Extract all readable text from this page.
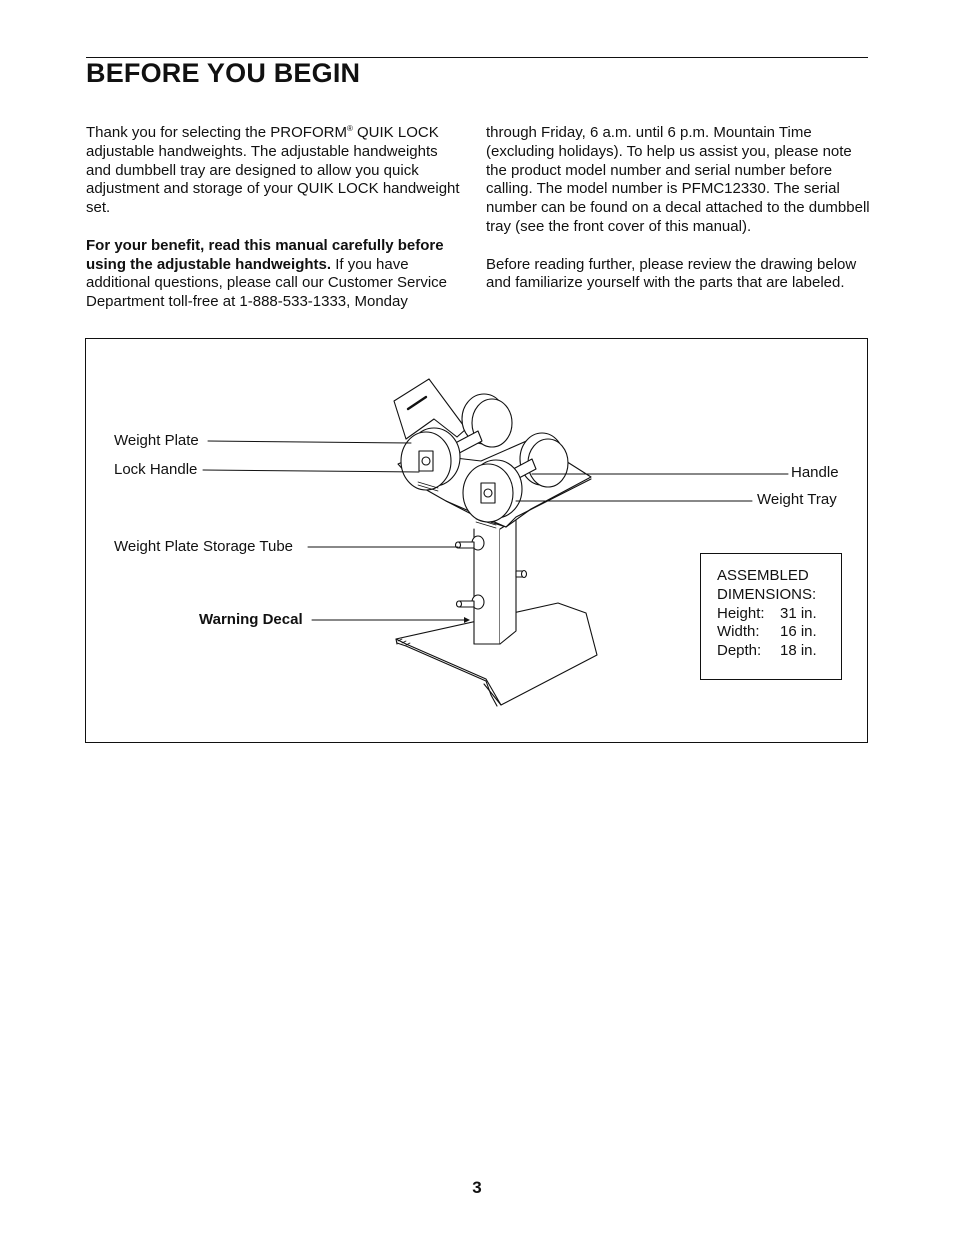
BEFORE YOU BEGIN

Thank you for selecting the PROFORM® QUIK LOCK adjustable handweights. The adjustable handweights and dumbbell tray are designed to allow you quick adjustment and storage of your QUIK LOCK handweight set.

For your benefit, read this manual carefully before using the adjustable handweights. If you have additional questions, please call our Customer Service Department toll-free at 1-888-533-1333, Monday

through Friday, 6 a.m. until 6 p.m. Mountain Time (excluding holidays). To help us assist you, please note the product model number and serial number before calling. The model number is PFMC12330. The serial number can be found on a decal attached to the dumbbell tray (see the front cover of this manual).

Before reading further, please review the drawing below and familiarize yourself with the parts that are labeled.

Weight Plate
Lock Handle
Weight Plate Storage Tube
Warning Decal
Handle
Weight Tray
ASSEMBLED
DIMENSIONS:
Height:	31 in.
Width:	16 in.
Depth:	18 in.
3
